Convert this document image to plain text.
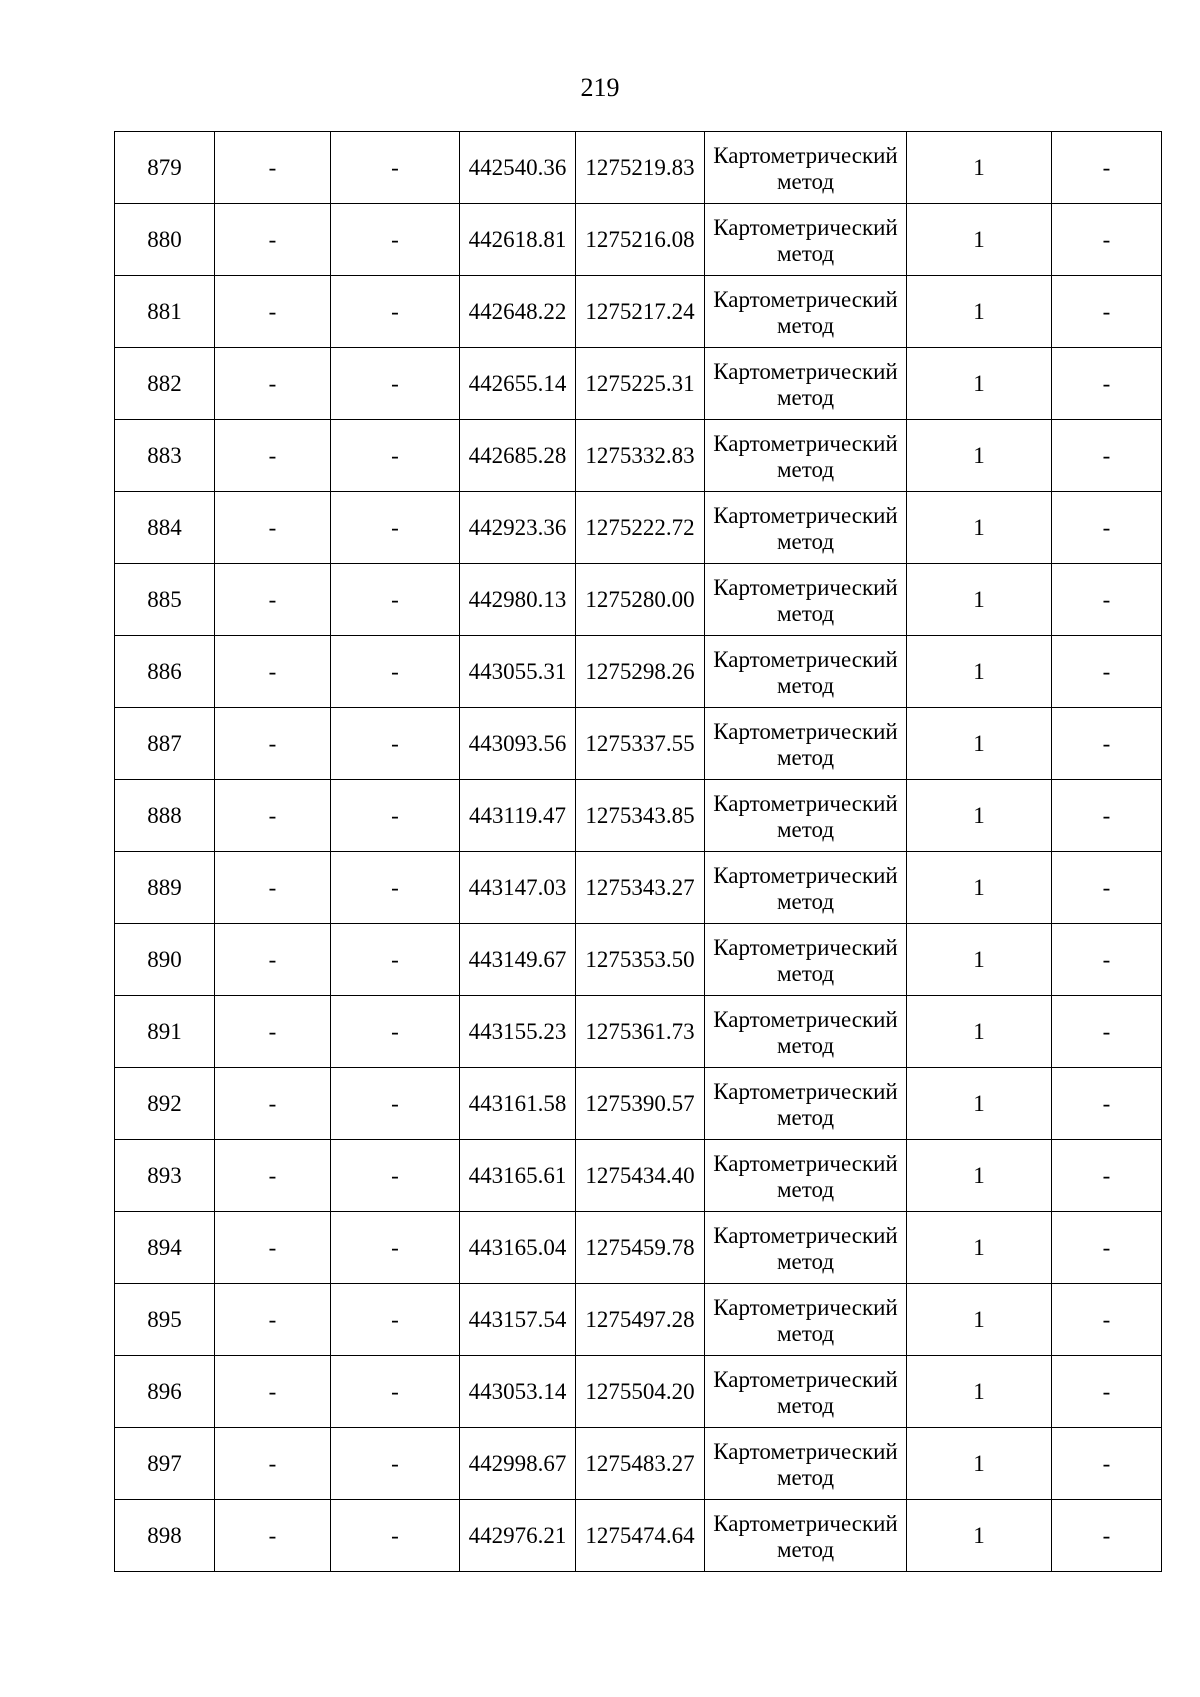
219
879	-	-	442540.36	1275219.83	Картометрический
метод	1	-
880	-	-	442618.81	1275216.08	Картометрический
метод	1	-
881	-	-	442648.22	1275217.24	Картометрический
метод	1	-
882	-	-	442655.14	1275225.31	Картометрический
метод	1	-
883	-	-	442685.28	1275332.83	Картометрический
метод	1	-
884	-	-	442923.36	1275222.72	Картометрический
метод	1	-
885	-	-	442980.13	1275280.00	Картометрический
метод	1	-
886	-	-	443055.31	1275298.26	Картометрический
метод	1	-
887	-	-	443093.56	1275337.55	Картометрический
метод	1	-
888	-	-	443119.47	1275343.85	Картометрический
метод	1	-
889	-	-	443147.03	1275343.27	Картометрический
метод	1	-
890	-	-	443149.67	1275353.50	Картометрический
метод	1	-
891	-	-	443155.23	1275361.73	Картометрический
метод	1	-
892	-	-	443161.58	1275390.57	Картометрический
метод	1	-
893	-	-	443165.61	1275434.40	Картометрический
метод	1	-
894	-	-	443165.04	1275459.78	Картометрический
метод	1	-
895	-	-	443157.54	1275497.28	Картометрический
метод	1	-
896	-	-	443053.14	1275504.20	Картометрический
метод	1	-
897	-	-	442998.67	1275483.27	Картометрический
метод	1	-
898	-	-	442976.21	1275474.64	Картометрический
метод	1	-
